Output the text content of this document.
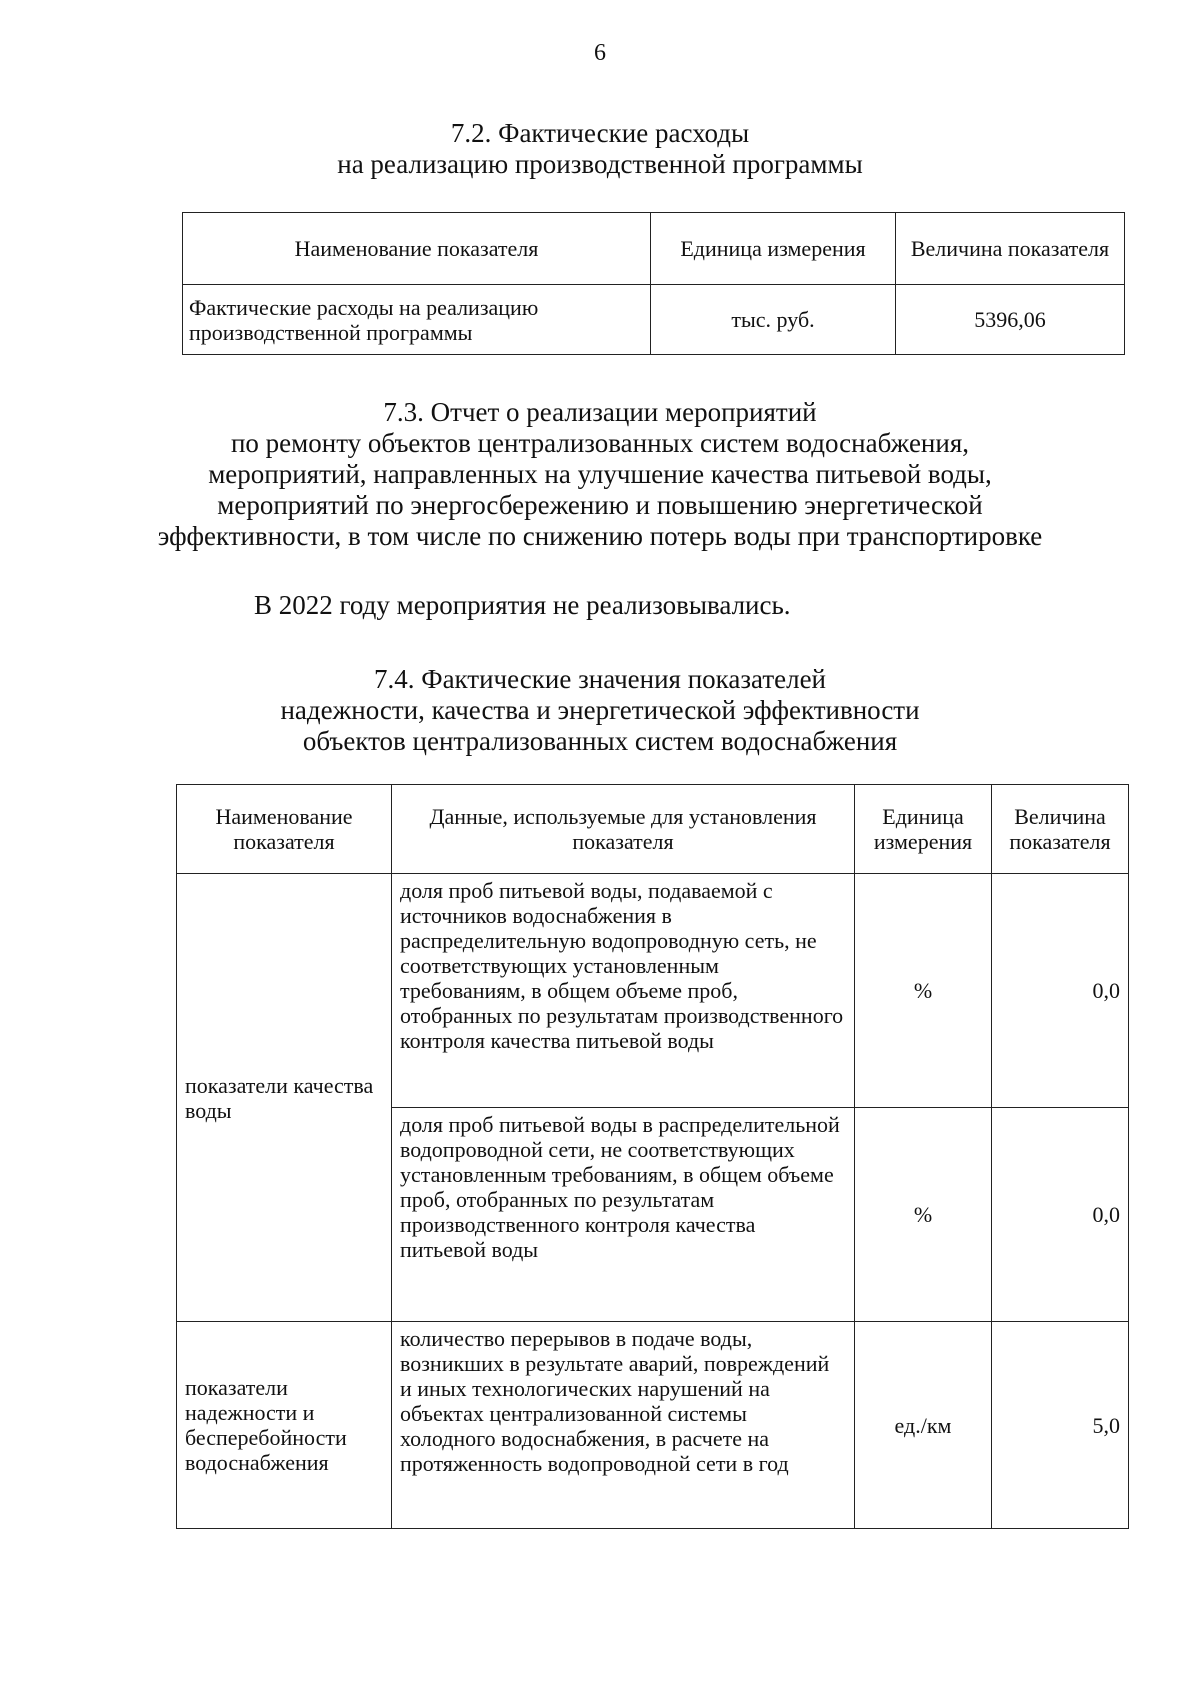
6
7.2. Фактические расходы
на реализацию производственной программы
Наименование показателя	Единица измерения	Величина показателя
Фактические расходы на реализацию производственной программы	тыс. руб.	5396,06
7.3. Отчет о реализации мероприятий
по ремонту объектов централизованных систем водоснабжения,
мероприятий, направленных на улучшение качества питьевой воды,
мероприятий по энергосбережению и повышению энергетической
эффективности, в том числе по снижению потерь воды при транспортировке
В 2022 году мероприятия не реализовывались.
7.4. Фактические значения показателей
надежности, качества и энергетической эффективности
объектов централизованных систем водоснабжения
Наименование показателя	Данные, используемые для установления показателя	Единица измерения	Величина показателя
показатели качества воды	доля проб питьевой воды, подаваемой с источников водоснабжения в распределительную водопроводную сеть, не соответствующих установленным требованиям, в общем объеме проб, отобранных по результатам производственного контроля качества питьевой воды	%	0,0
	доля проб питьевой воды в распределительной водопроводной сети, не соответствующих установленным требованиям, в общем объеме проб, отобранных по результатам производственного контроля качества питьевой воды	%	0,0
показатели надежности и бесперебойности водоснабжения	количество перерывов в подаче воды, возникших в результате аварий, повреждений и иных технологических нарушений на объектах централизованной системы холодного водоснабжения, в расчете на протяженность водопроводной сети в год	ед./км	5,0
